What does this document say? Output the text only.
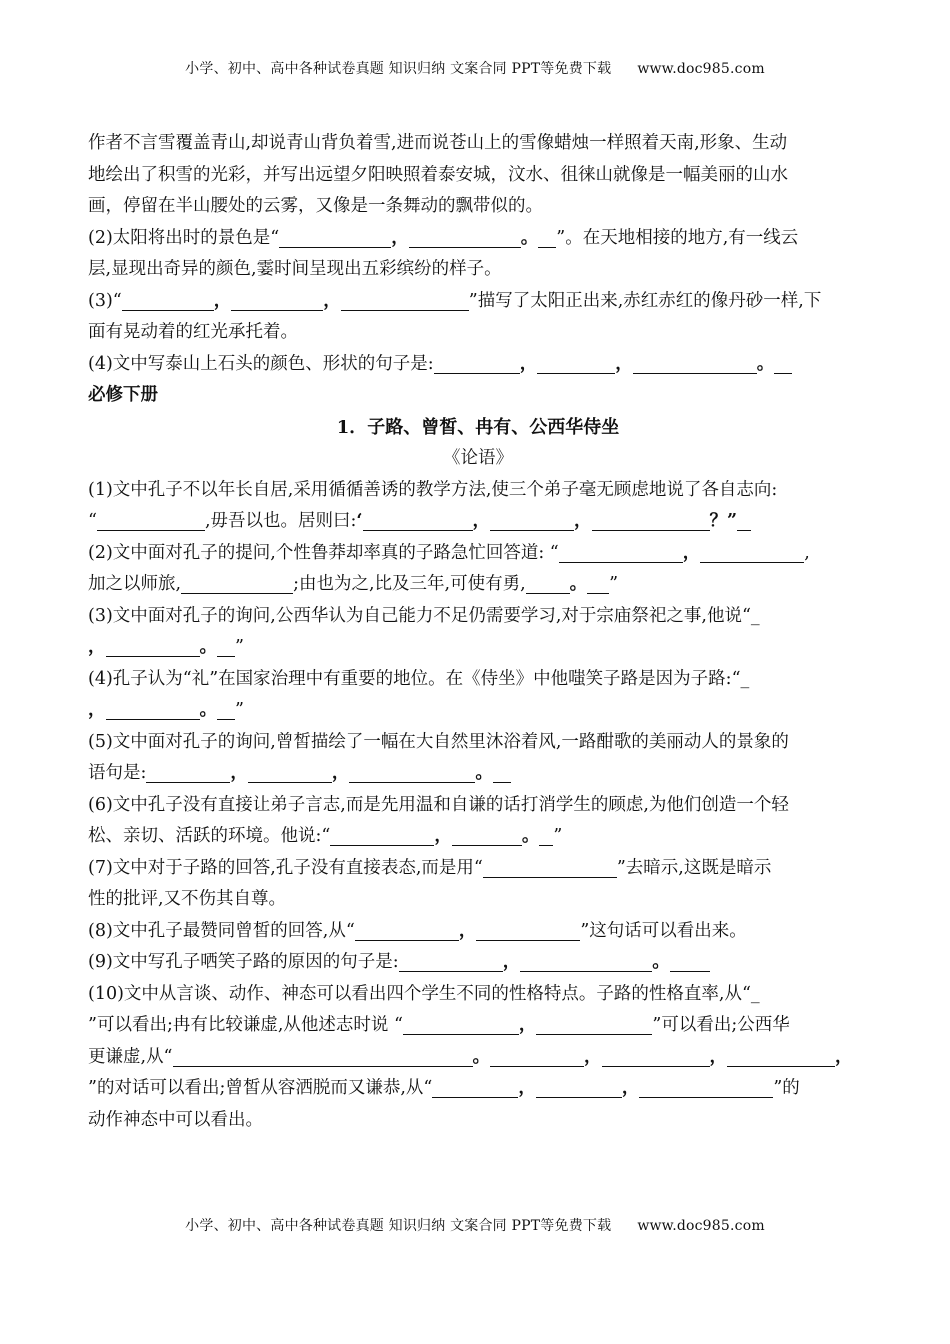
小学、初中、高中各种试卷真题 知识归纳 文案合同 PPT等免费下载 www.doc985.com

作者不言雪覆盖青山,却说青山背负着雪,进而说苍山上的雪像蜡烛一样照着天南,形象、生动

地绘出了积雪的光彩，并写出远望夕阳映照着泰安城，汶水、徂徕山就像是一幅美丽的山水

画，停留在半山腰处的云雾，又像是一条舞动的飘带似的。

(2)太阳将出时的景色是“	，	。 ”。在天地相接的地方,有一线云

层,显现出奇异的颜色,霎时间呈现出五彩缤纷的样子。

(3)“	，	，	”描写了太阳正出来,赤红赤红的像丹砂一样,下

面有晃动着的红光承托着。

(4)文中写泰山上石头的颜色、形状的句子是:	，	，	。

必修下册

1．子路、曾皙、冉有、公西华侍坐

《论语》

(1)文中孔子不以年长自居,采用循循善诱的教学方法,使三个弟子毫无顾虑地说了各自志向:

“	,毋吾以也。居则曰:‘	，	，	？”

(2)文中面对孔子的提问,个性鲁莽却率真的子路急忙回答道: “	，	,

加之以师旅,	;由也为之,比及三年,可使有勇,	。 ”

(3)文中面对孔子的询问,公西华认为自己能力不足仍需要学习,对于宗庙祭祀之事,他说“_

，	。 ”

(4)孔子认为“礼”在国家治理中有重要的地位。在《侍坐》中他嗤笑子路是因为子路:“_

，	。 ”

(5)文中面对孔子的询问,曾皙描绘了一幅在大自然里沐浴着风,一路酣歌的美丽动人的景象的

语句是:	，	，	。

(6)文中孔子没有直接让弟子言志,而是先用温和自谦的话打消学生的顾虑,为他们创造一个轻

松、亲切、活跃的环境。他说:“	，	。 ”

(7)文中对于子路的回答,孔子没有直接表态,而是用“	”去暗示,这既是暗示

性的批评,又不伤其自尊。

(8)文中孔子最赞同曾皙的回答,从“	，	”这句话可以看出来。

(9)文中写孔子哂笑子路的原因的句子是:	，	。

(10)文中从言谈、动作、神态可以看出四个学生不同的性格特点。子路的性格直率,从“_

”可以看出;冉有比较谦虚,从他述志时说 “	，	”可以看出;公西华

更谦虚,从“	。	，	，	，

”的对话可以看出;曾皙从容洒脱而又谦恭,从“	，	，	”的

动作神态中可以看出。

小学、初中、高中各种试卷真题 知识归纳 文案合同 PPT等免费下载 www.doc985.com
